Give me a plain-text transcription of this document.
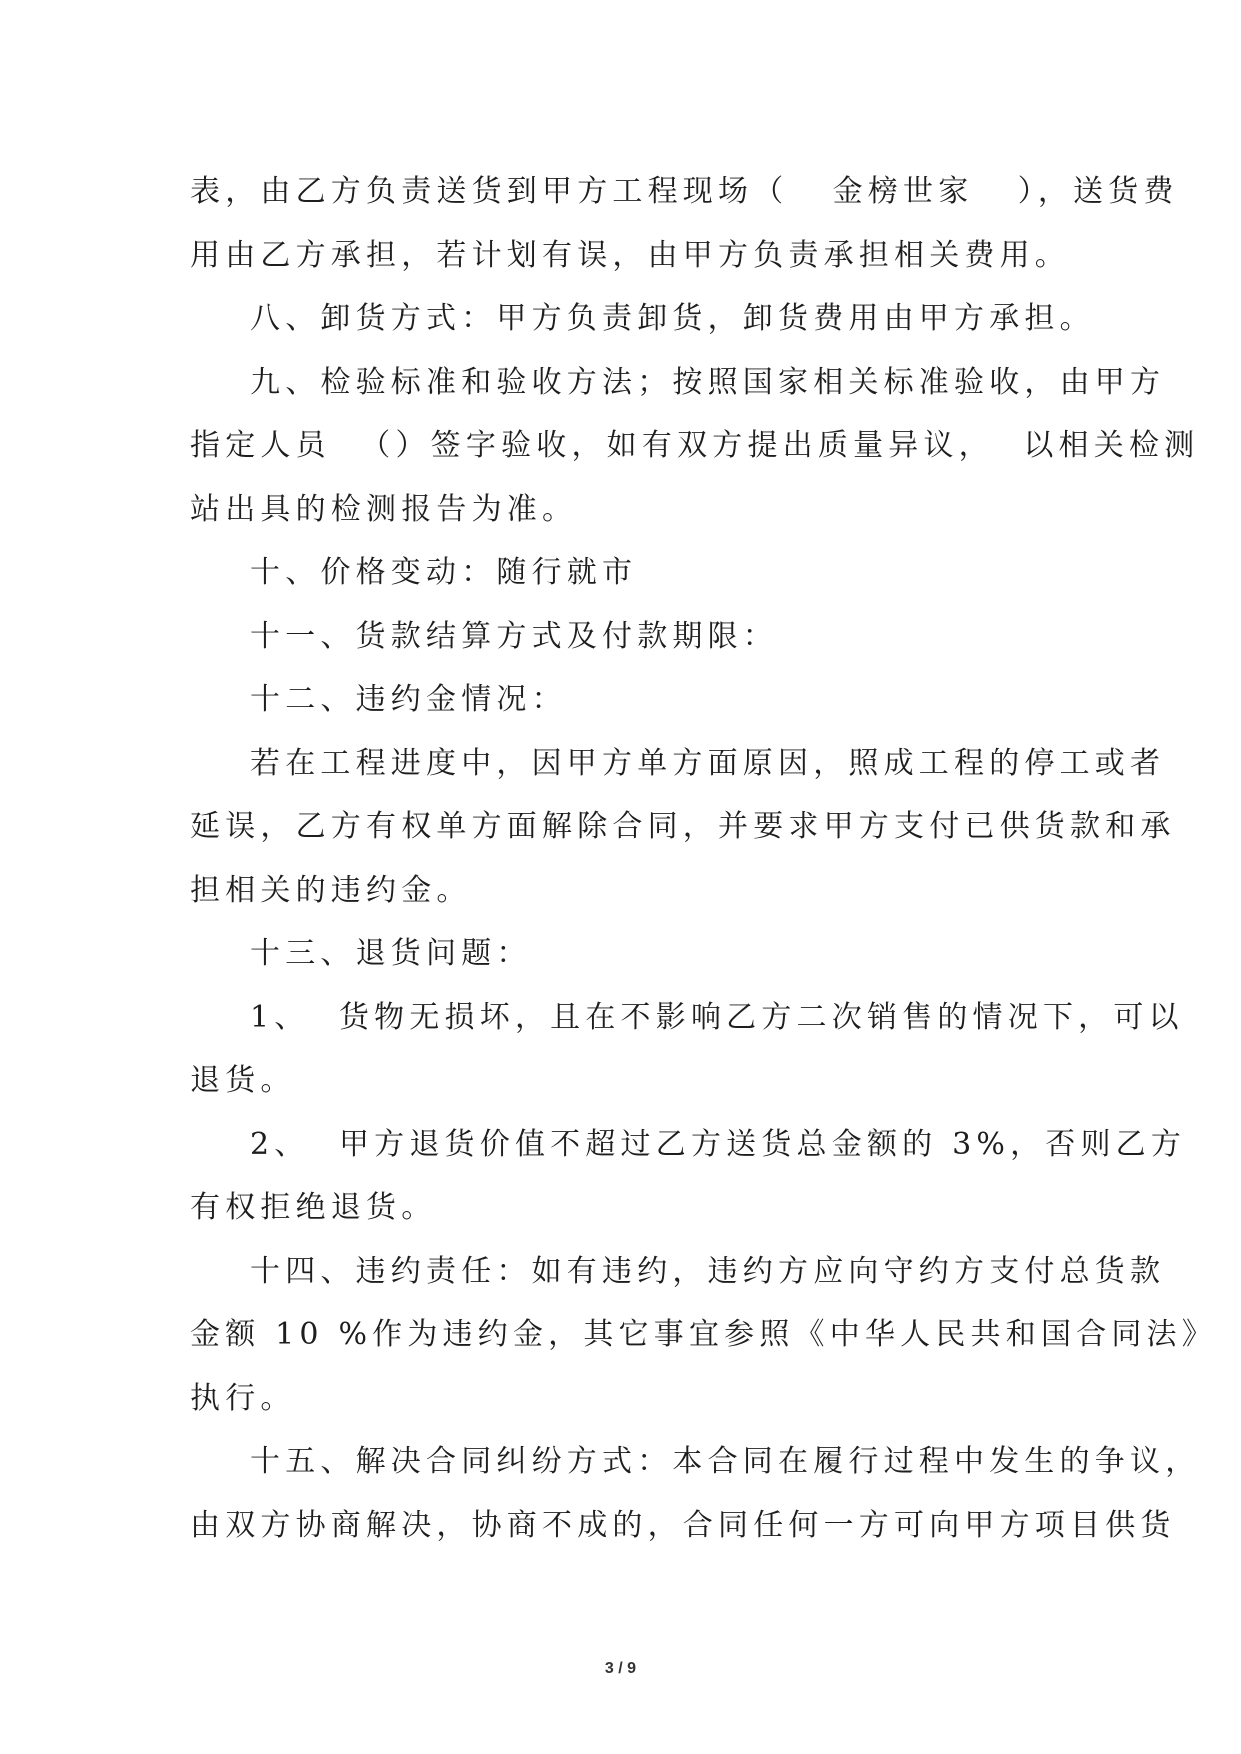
表，由乙方负责送货到甲方工程现场（   金榜世家   ），送货费
用由乙方承担，若计划有误，由甲方负责承担相关费用。
八、卸货方式：甲方负责卸货，卸货费用由甲方承担。
九、检验标准和验收方法；按照国家相关标准验收，由甲方
指定人员  （）签字验收，如有双方提出质量异议，  以相关检测
站出具的检测报告为准。
十、价格变动：随行就市
十一、货款结算方式及付款期限：
十二、违约金情况：
若在工程进度中，因甲方单方面原因，照成工程的停工或者
延误，乙方有权单方面解除合同，并要求甲方支付已供货款和承
担相关的违约金。
十三、退货问题：
1、  货物无损坏，且在不影响乙方二次销售的情况下，可以
退货。
2、  甲方退货价值不超过乙方送货总金额的 3%，否则乙方
有权拒绝退货。
十四、违约责任：如有违约，违约方应向守约方支付总货款
金额 10 %作为违约金，其它事宜参照《中华人民共和国合同法》
执行。
十五、解决合同纠纷方式：本合同在履行过程中发生的争议，
由双方协商解决，协商不成的，合同任何一方可向甲方项目供货
3 / 9
